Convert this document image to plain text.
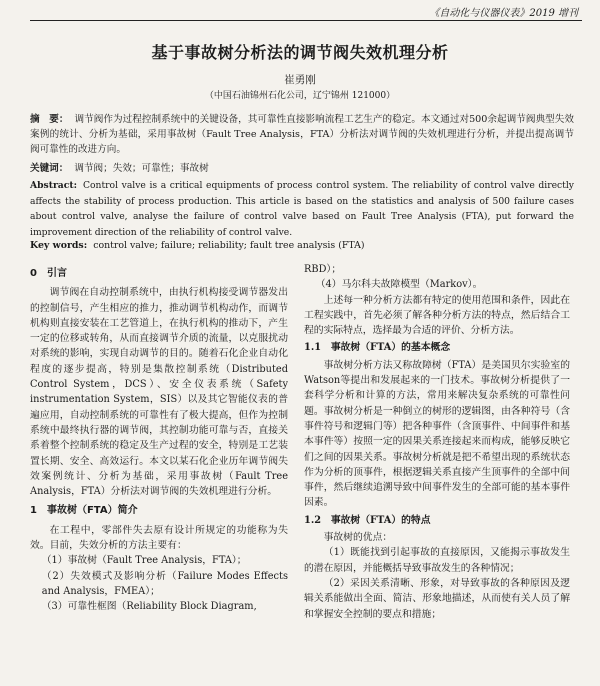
《自动化与仪器仪表》2019 增刊
基于事故树分析法的调节阀失效机理分析
崔勇刚
（中国石油锦州石化公司，辽宁锦州 121000）
摘　要： 调节阀作为过程控制系统中的关键设备，其可靠性直接影响流程工艺生产的稳定。本文通过对500余起调节阀典型失效案例的统计、分析为基础，采用事故树（Fault Tree Analysis，FTA）分析法对调节阀的失效机理进行分析，并提出提高调节阀可靠性的改进方向。
关键词： 调节阀；失效；可靠性；事故树
Abstract: Control valve is a critical equipments of process control system. The reliability of control valve directly affects the stability of process production. This article is based on the statistics and analysis of 500 failure cases about control valve, analyse the failure of control valve based on Fault Tree Analysis (FTA), put forward the improvement direction of the reliability of control valve.
Key words: control valve; failure; reliability; fault tree analysis (FTA)
0　引言

调节阀在自动控制系统中，由执行机构接受调节器发出的控制信号，产生相应的推力，推动调节机构动作，而调节机构则直接安装在工艺管道上，在执行机构的推动下，产生一定的位移或转角，从而直接调节介质的流量，以克服扰动对系统的影响，实现自动调节的目的。随着石化企业自动化程度的逐步提高，特别是集散控制系统（Distributed Control System，DCS）、安全仪表系统（Safety instrumentation System，SIS）以及其它智能仪表的普遍应用，自动控制系统的可靠性有了极大提高，但作为控制系统中最终执行器的调节阀，其控制功能可靠与否，直接关系着整个控制系统的稳定及生产过程的安全，特别是工艺装置长期、安全、高效运行。本文以某石化企业历年调节阀失效案例统计、分析为基础，采用事故树（Fault Tree Analysis，FTA）分析法对调节阀的失效机理进行分析。

1　事故树（FTA）简介

在工程中，零部件失去原有设计所规定的功能称为失效。目前，失效分析的方法主要有：

（1）事故树（Fault Tree Analysis，FTA）；

（2）失效模式及影响分析（Failure Modes Effects and Analysis，FMEA）；

（3）可靠性框图（Reliability Block Diagram,

RBD）；

（4）马尔科夫故障模型（Markov）。

上述每一种分析方法都有特定的使用范围和条件，因此在工程实践中，首先必须了解各种分析方法的特点，然后结合工程的实际特点，选择最为合适的评价、分析方法。

1.1　事故树（FTA）的基本概念

事故树分析方法又称故障树（FTA）是美国贝尔实验室的Watson等提出和发展起来的一门技术。事故树分析提供了一套科学分析和计算的方法，常用来解决复杂系统的可靠性问题。事故树分析是一种倒立的树形的逻辑图，由各种符号（含事件符号和逻辑门等）把各种事件（含顶事件、中间事件和基本事件等）按照一定的因果关系连接起来而构成，能够反映它们之间的因果关系。事故树分析就是把不希望出现的系统状态作为分析的顶事件，根据逻辑关系直接产生顶事件的全部中间事件，然后继续追溯导致中间事件发生的全部可能的基本事件因素。

1.2　事故树（FTA）的特点

事故树的优点：

（1）既能找到引起事故的直接原因，又能揭示事故发生的潜在原因，并能概括导致事故发生的各种情况；

（2）采因关系清晰、形象，对导致事故的各种原因及逻辑关系能做出全面、简洁、形象地描述，从而使有关人员了解和掌握安全控制的要点和措施；
